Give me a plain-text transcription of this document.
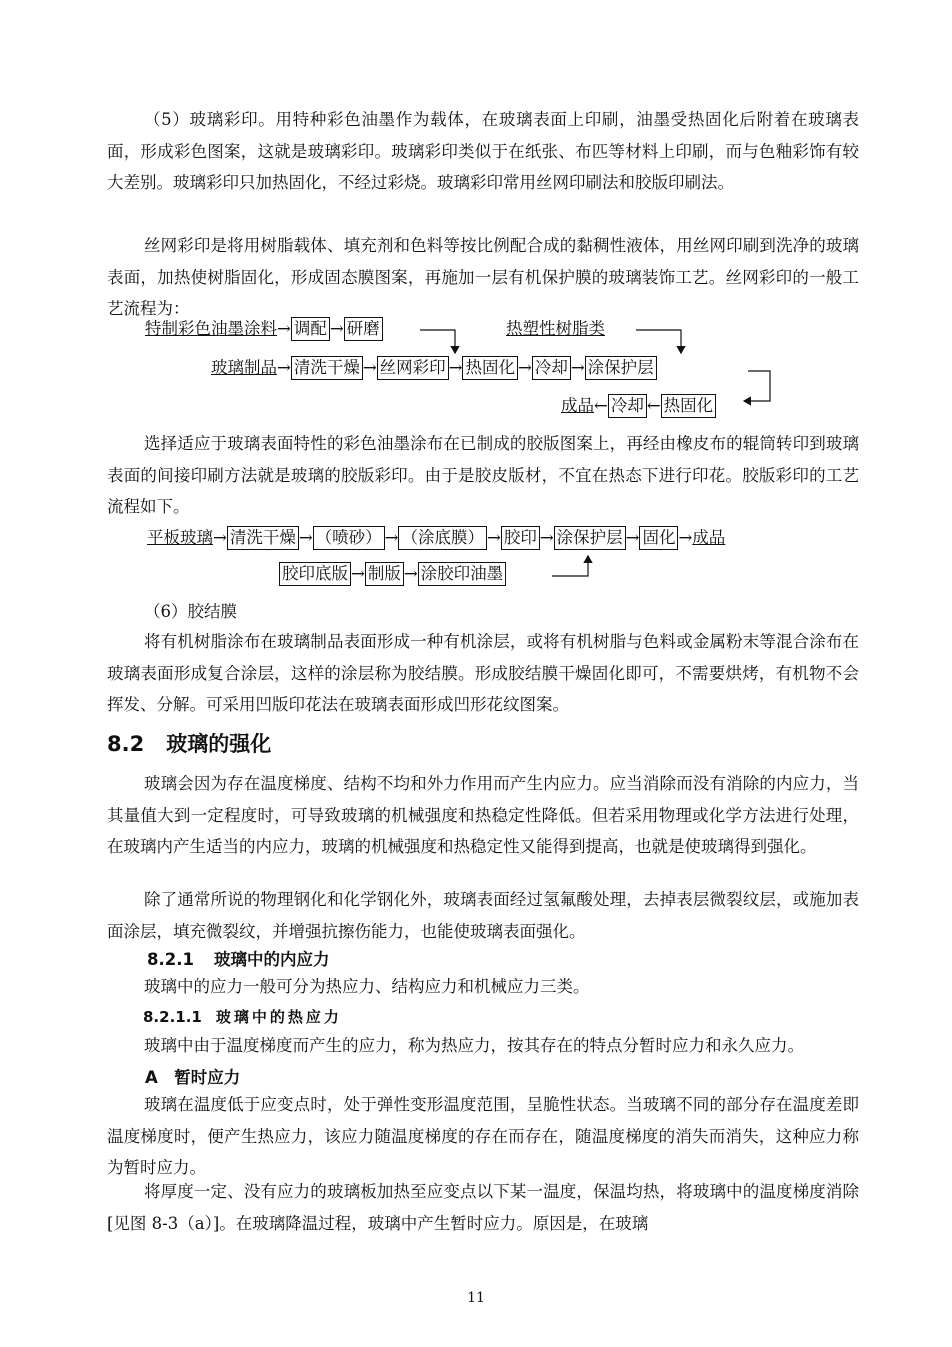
（5）玻璃彩印。用特种彩色油墨作为载体，在玻璃表面上印刷，油墨受热固化后附着在玻璃表面，形成彩色图案，这就是玻璃彩印。玻璃彩印类似于在纸张、布匹等材料上印刷，而与色釉彩饰有较大差别。玻璃彩印只加热固化，不经过彩烧。玻璃彩印常用丝网印刷法和胶版印刷法。

丝网彩印是将用树脂载体、填充剂和色料等按比例配合成的黏稠性液体，用丝网印刷到洗净的玻璃表面，加热使树脂固化，形成固态膜图案，再施加一层有机保护膜的玻璃装饰工艺。丝网彩印的一般工艺流程为：

特制彩色油墨涂料→ 调配 → 研磨	热塑性树脂类
玻璃制品→ 清洗干燥 → 丝网彩印 → 热固化 → 冷却 → 涂保护层
成品← 冷却 ← 热固化

选择适应于玻璃表面特性的彩色油墨涂布在已制成的胶版图案上，再经由橡皮布的辊筒转印到玻璃表面的间接印刷方法就是玻璃的胶版彩印。由于是胶皮版材，不宜在热态下进行印花。胶版彩印的工艺流程如下。

平板玻璃→ 清洗干燥 → （喷砂） → （涂底膜） → 胶印 → 涂保护层 → 固化 →成品
胶印底版 → 制版 → 涂胶印油墨

（6）胶结膜

将有机树脂涂布在玻璃制品表面形成一种有机涂层，或将有机树脂与色料或金属粉末等混合涂布在玻璃表面形成复合涂层，这样的涂层称为胶结膜。形成胶结膜干燥固化即可，不需要烘烤，有机物不会挥发、分解。可采用凹版印花法在玻璃表面形成凹形花纹图案。

8.2 玻璃的强化

玻璃会因为存在温度梯度、结构不均和外力作用而产生内应力。应当消除而没有消除的内应力，当其量值大到一定程度时，可导致玻璃的机械强度和热稳定性降低。但若采用物理或化学方法进行处理，在玻璃内产生适当的内应力，玻璃的机械强度和热稳定性又能得到提高，也就是使玻璃得到强化。

除了通常所说的物理钢化和化学钢化外，玻璃表面经过氢氟酸处理，去掉表层微裂纹层，或施加表面涂层，填充微裂纹，并增强抗擦伤能力，也能使玻璃表面强化。

8.2.1 玻璃中的内应力

玻璃中的应力一般可分为热应力、结构应力和机械应力三类。

8.2.1.1 玻璃中的热应力

玻璃中由于温度梯度而产生的应力，称为热应力，按其存在的特点分暂时应力和永久应力。

A　暂时应力

玻璃在温度低于应变点时，处于弹性变形温度范围，呈脆性状态。当玻璃不同的部分存在温度差即温度梯度时，便产生热应力，该应力随温度梯度的存在而存在，随温度梯度的消失而消失，这种应力称为暂时应力。

将厚度一定、没有应力的玻璃板加热至应变点以下某一温度，保温均热，将玻璃中的温度梯度消除[见图 8-3（a）]。在玻璃降温过程，玻璃中产生暂时应力。原因是，在玻璃

11
